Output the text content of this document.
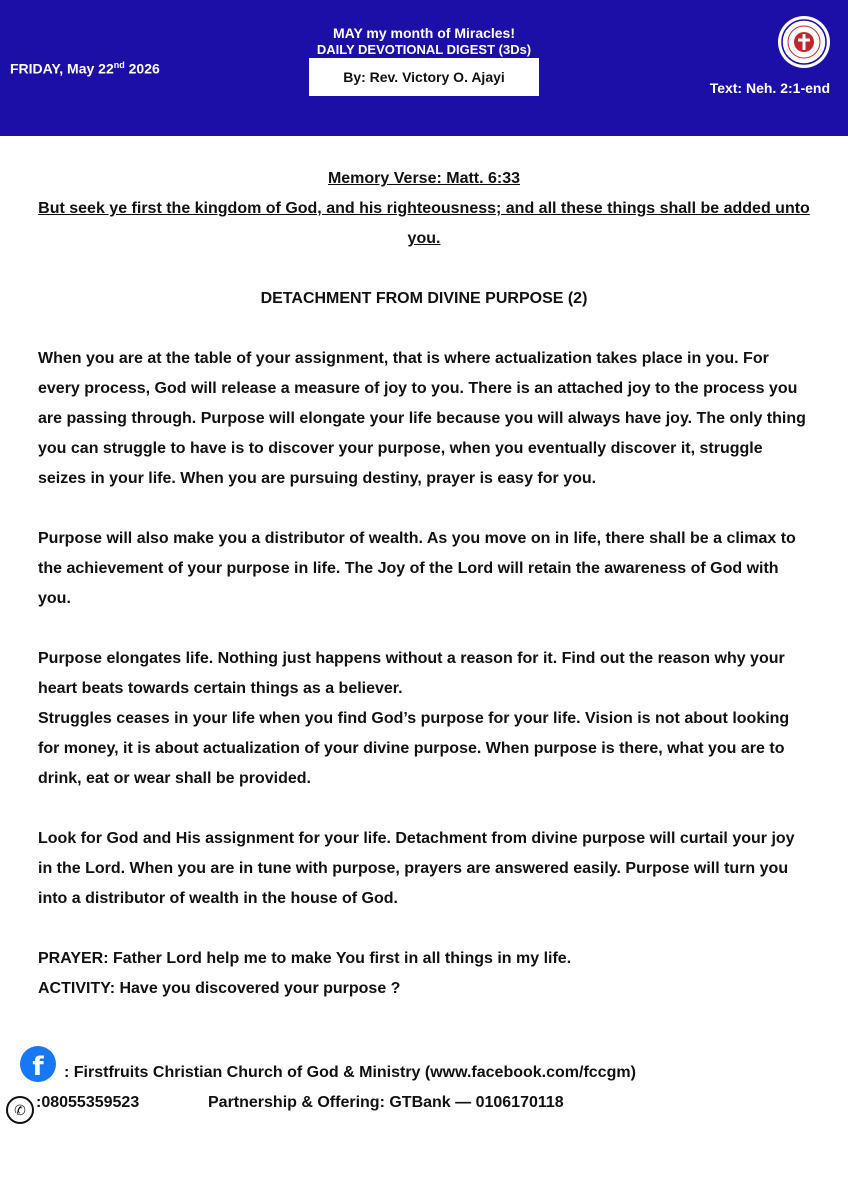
FRIDAY, May 22nd 2026
MAY my month of Miracles!
DAILY DEVOTIONAL DIGEST (3Ds)
By: Rev. Victory O. Ajayi
Text: Neh. 2:1-end
Memory Verse: Matt. 6:33
But seek ye first the kingdom of God, and his righteousness; and all these things shall be added unto you.
DETACHMENT FROM DIVINE PURPOSE (2)

When you are at the table of your assignment, that is where actualization takes place in you. For every process, God will release a measure of joy to you. There is an attached joy to the process you are passing through. Purpose will elongate your life because you will always have joy. The only thing you can struggle to have is to discover your purpose, when you eventually discover it, struggle seizes in your life. When you are pursuing destiny, prayer is easy for you.

Purpose will also make you a distributor of wealth. As you move on in life, there shall be a climax to the achievement of your purpose in life. The Joy of the Lord will retain the awareness of God with you.

Purpose elongates life. Nothing just happens without a reason for it. Find out the reason why your heart beats towards certain things as a believer.

Struggles ceases in your life when you find God’s purpose for your life. Vision is not about looking for money, it is about actualization of your divine purpose. When purpose is there, what you are to drink, eat or wear shall be provided.

Look for God and His assignment for your life. Detachment from divine purpose will curtail your joy in the Lord. When you are in tune with purpose, prayers are answered easily. Purpose will turn you into a distributor of wealth in the house of God.

PRAYER: Father Lord help me to make You first in all things in my life.

ACTIVITY: Have you discovered your purpose ?

f : Firstfruits Christian Church of God & Ministry (www.facebook.com/fccgm)
✆ :08055359523	Partnership & Offering: GTBank — 0106170118
